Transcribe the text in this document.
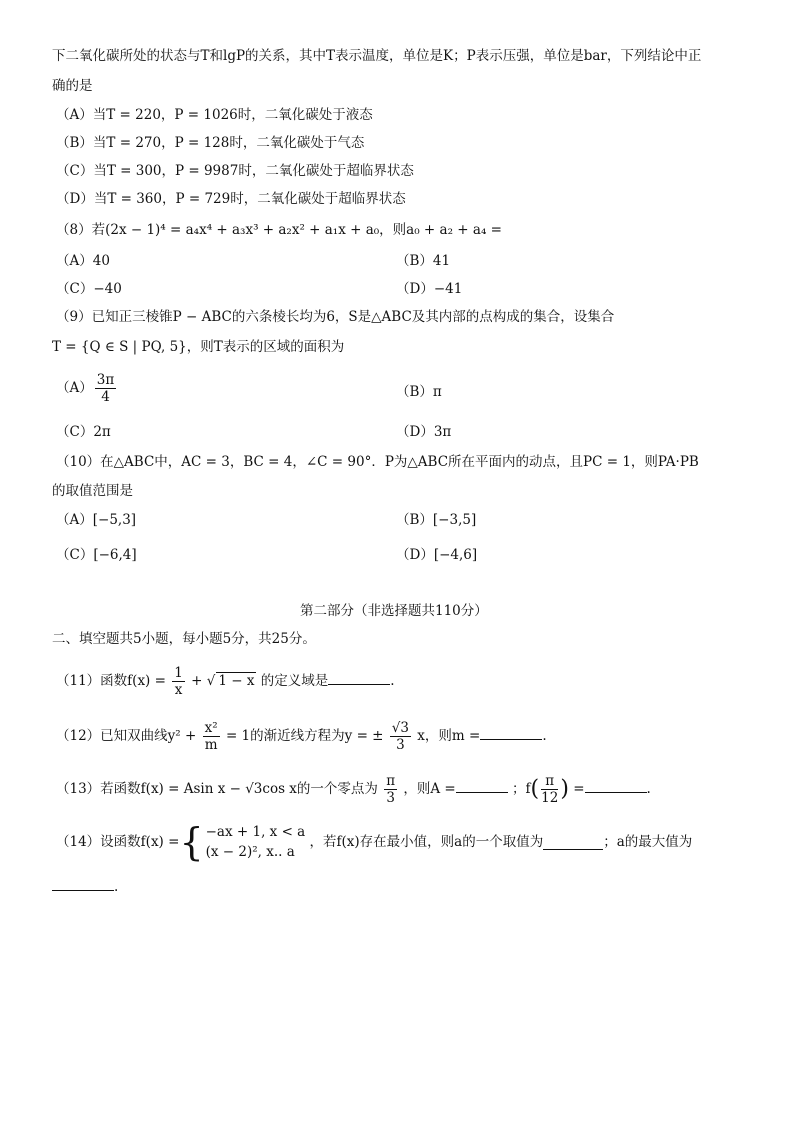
下二氧化碳所处的状态与T和lgP的关系，其中T表示温度，单位是K；P表示压强，单位是bar，下列结论中正
确的是
（A）当T = 220，P = 1026时，二氧化碳处于液态
（B）当T = 270，P = 128时，二氧化碳处于气态
（C）当T = 300，P = 9987时，二氧化碳处于超临界状态
（D）当T = 360，P = 729时，二氧化碳处于超临界状态
（8）若(2x − 1)⁴ = a₄x⁴ + a₃x³ + a₂x² + a₁x + a₀，则a₀ + a₂ + a₄ =
（A）40	（B）41
（C）−40	（D）−41
（9）已知正三棱锥P − ABC的六条棱长均为6，S是△ABC及其内部的点构成的集合，设集合
T = {Q ∈ S | PQ, 5}，则T表示的区域的面积为
$(A) \frac{3\pi}{4}$	（B）π
（C）2π	（D）3π
（10）在△ABC中，AC = 3，BC = 4，∠C = 90°．P为△ABC所在平面内的动点，且PC = 1，则PA·PB
的取值范围是
（A）[−5,3]	（B）[−3,5]
（C）[−6,4]	（D）[−4,6]
第二部分（非选择题共110分）
二、填空题共5小题，每小题5分，共25分。
（11）函数$f(x) = \frac{1}{x}$ + √ 1 − x 的定义域是	.
（12）已知双曲线$y^2 + \frac{\text{x²}}{m} = 1$的渐近线方程为y = ± $\frac{√3}{3}$ x，则m =	.
（13）若函数f(x) = Asin x − √3cos x的一个零点为 $\frac{\pi}{3}$ ，则A =	；$f( \frac{\pi}{12}$ ) =	.
（14）设函数f(x) ={ −ax + 1, x < a
(x − 2)², x.. a
，若f(x)存在最小值，则a的一个取值为	；a的最大值为
.
